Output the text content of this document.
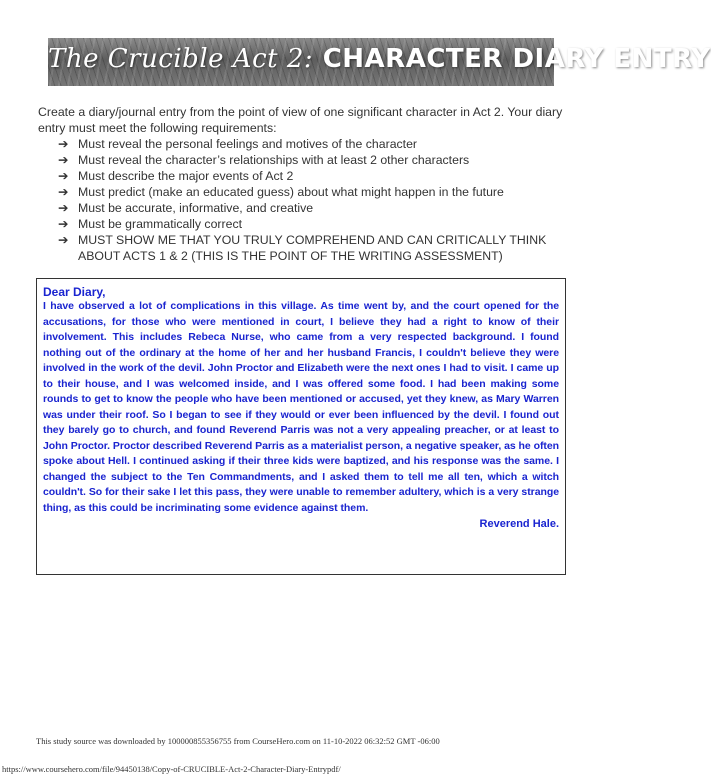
The Crucible Act 2: CHARACTER DIARY ENTRY
Create a diary/journal entry from the point of view of one significant character in Act 2. Your diary entry must meet the following requirements:
➔ Must reveal the personal feelings and motives of the character
➔ Must reveal the character’s relationships with at least 2 other characters
➔ Must describe the major events of Act 2
➔ Must predict (make an educated guess) about what might happen in the future
➔ Must be accurate, informative, and creative
➔ Must be grammatically correct
➔ MUST SHOW ME THAT YOU TRULY COMPREHEND AND CAN CRITICALLY THINK ABOUT ACTS 1 & 2 (THIS IS THE POINT OF THE WRITING ASSESSMENT)
Dear Diary,
I have observed a lot of complications in this village. As time went by, and the court opened for the accusations, for those who were mentioned in court, I believe they had a right to know of their involvement. This includes Rebeca Nurse, who came from a very respected background. I found nothing out of the ordinary at the home of her and her husband Francis, I couldn't believe they were involved in the work of the devil. John Proctor and Elizabeth were the next ones I had to visit. I came up to their house, and I was welcomed inside, and I was offered some food. I had been making some rounds to get to know the people who have been mentioned or accused, yet they knew, as Mary Warren was under their roof. So I began to see if they would or ever been influenced by the devil. I found out they barely go to church, and found Reverend Parris was not a very appealing preacher, or at least to John Proctor. Proctor described Reverend Parris as a materialist person, a negative speaker, as he often spoke about Hell. I continued asking if their three kids were baptized, and his response was the same. I changed the subject to the Ten Commandments, and I asked them to tell me all ten, which a witch couldn't. So for their sake I let this pass, they were unable to remember adultery, which is a very strange thing, as this could be incriminating some evidence against them.
Reverend Hale.
This study source was downloaded by 100000855356755 from CourseHero.com on 11-10-2022 06:32:52 GMT -06:00
https://www.coursehero.com/file/94450138/Copy-of-CRUCIBLE-Act-2-Character-Diary-Entrypdf/
